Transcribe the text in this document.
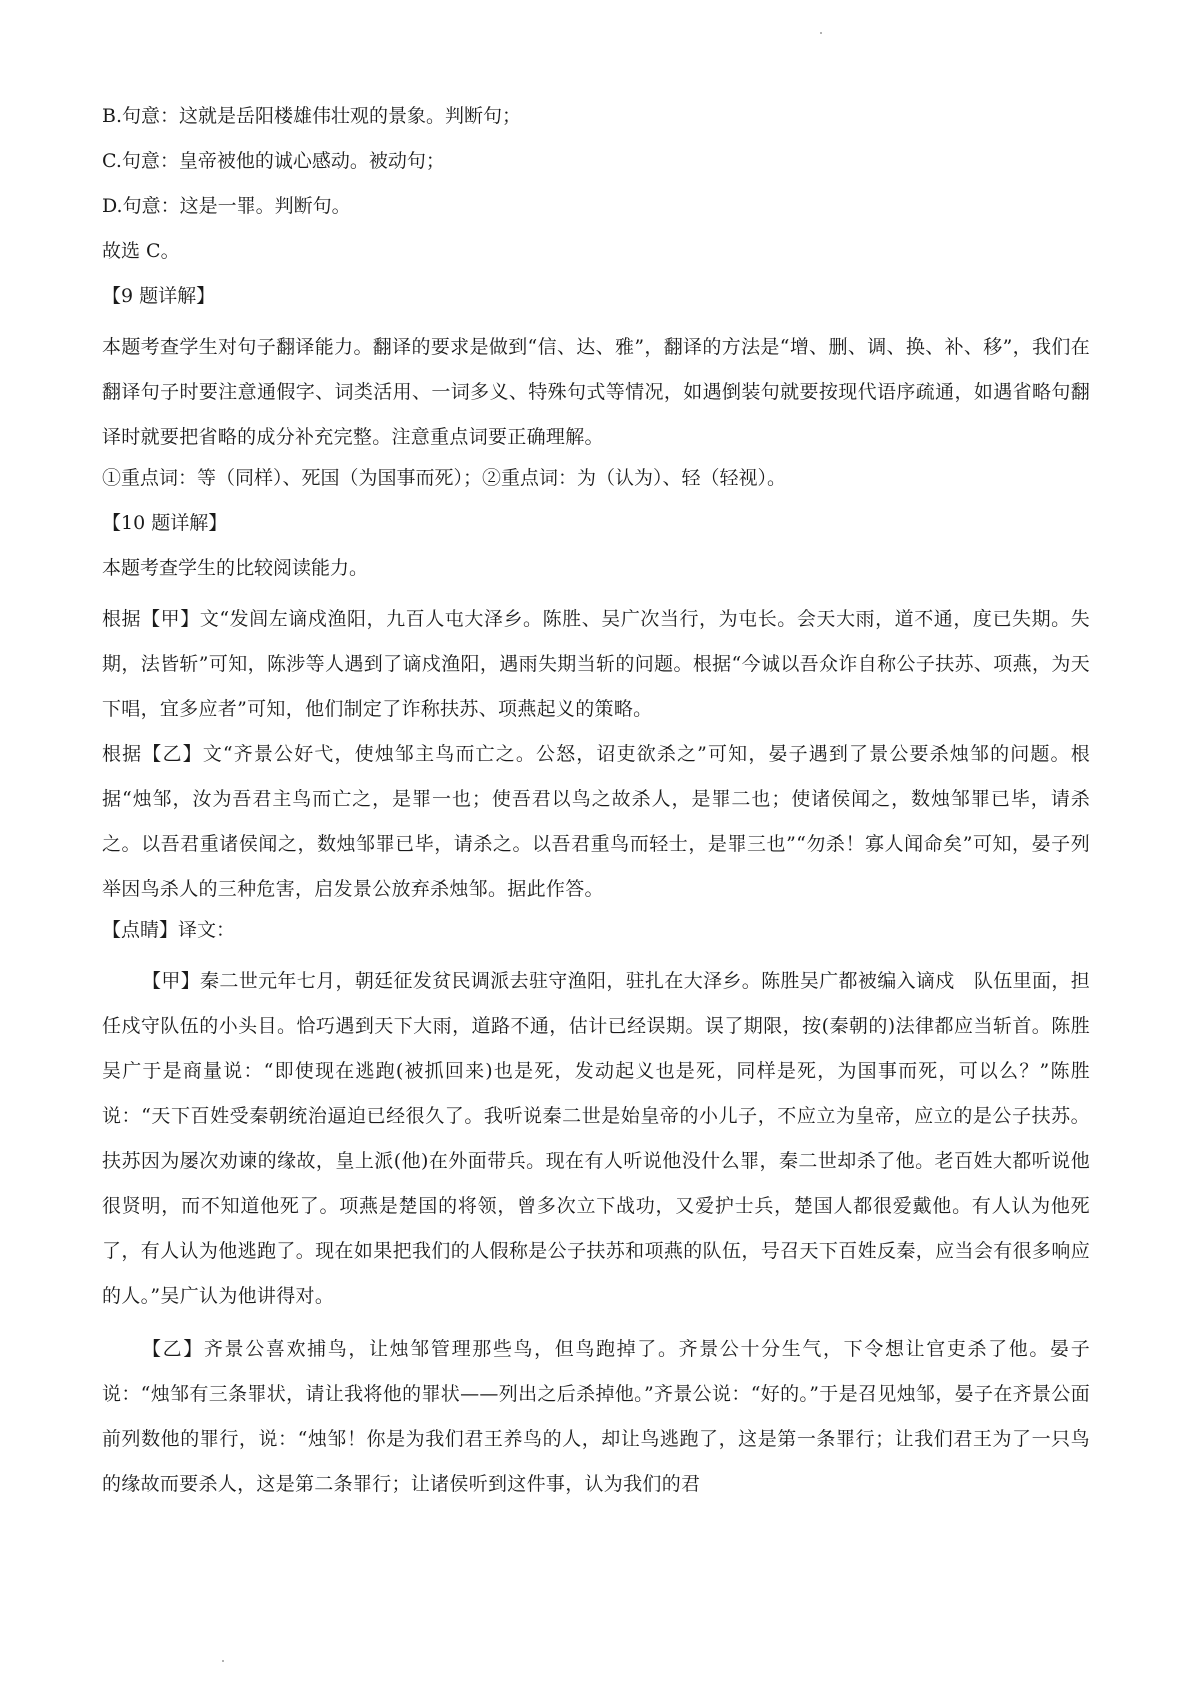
B.句意：这就是岳阳楼雄伟壮观的景象。判断句；

C.句意：皇帝被他的诚心感动。被动句；

D.句意：这是一罪。判断句。

故选 C。

【9 题详解】

本题考查学生对句子翻译能力。翻译的要求是做到“信、达、雅”，翻译的方法是“增、删、调、换、补、移”，我们在翻译句子时要注意通假字、词类活用、一词多义、特殊句式等情况，如遇倒装句就要按现代语序疏通，如遇省略句翻译时就要把省略的成分补充完整。注意重点词要正确理解。

①重点词：等（同样）、死国（为国事而死）；②重点词：为（认为）、轻（轻视）。

【10 题详解】

本题考查学生的比较阅读能力。

根据【甲】文“发闾左谪戍渔阳，九百人屯大泽乡。陈胜、吴广次当行，为屯长。会天大雨，道不通，度已失期。失期，法皆斩”可知，陈涉等人遇到了谪戍渔阳，遇雨失期当斩的问题。根据“今诚以吾众诈自称公子扶苏、项燕，为天下唱，宜多应者”可知，他们制定了诈称扶苏、项燕起义的策略。

根据【乙】文“齐景公好弋，使烛邹主鸟而亡之。公怒，诏吏欲杀之”可知，晏子遇到了景公要杀烛邹的问题。根据“烛邹，汝为吾君主鸟而亡之，是罪一也；使吾君以鸟之故杀人，是罪二也；使诸侯闻之，数烛邹罪已毕，请杀之。以吾君重诸侯闻之，数烛邹罪已毕，请杀之。以吾君重鸟而轻士，是罪三也”“勿杀！寡人闻命矣”可知，晏子列举因鸟杀人的三种危害，启发景公放弃杀烛邹。据此作答。

【点睛】译文：

【甲】秦二世元年七月，朝廷征发贫民调派去驻守渔阳，驻扎在大泽乡。陈胜吴广都被编入谪戍　队伍里面，担任戍守队伍的小头目。恰巧遇到天下大雨，道路不通，估计已经误期。误了期限，按(秦朝的)法律都应当斩首。陈胜吴广于是商量说：“即使现在逃跑(被抓回来)也是死，发动起义也是死，同样是死，为国事而死，可以么？”陈胜说：“天下百姓受秦朝统治逼迫已经很久了。我听说秦二世是始皇帝的小儿子，不应立为皇帝，应立的是公子扶苏。扶苏因为屡次劝谏的缘故，皇上派(他)在外面带兵。现在有人听说他没什么罪，秦二世却杀了他。老百姓大都听说他很贤明，而不知道他死了。项燕是楚国的将领，曾多次立下战功，又爱护士兵，楚国人都很爱戴他。有人认为他死了，有人认为他逃跑了。现在如果把我们的人假称是公子扶苏和项燕的队伍，号召天下百姓反秦，应当会有很多响应的人。”吴广认为他讲得对。

【乙】齐景公喜欢捕鸟，让烛邹管理那些鸟，但鸟跑掉了。齐景公十分生气，下令想让官吏杀了他。晏子说：“烛邹有三条罪状，请让我将他的罪状——列出之后杀掉他。”齐景公说：“好的。”于是召见烛邹，晏子在齐景公面前列数他的罪行，说：“烛邹！你是为我们君王养鸟的人，却让鸟逃跑了，这是第一条罪行；让我们君王为了一只鸟的缘故而要杀人，这是第二条罪行；让诸侯听到这件事，认为我们的君
